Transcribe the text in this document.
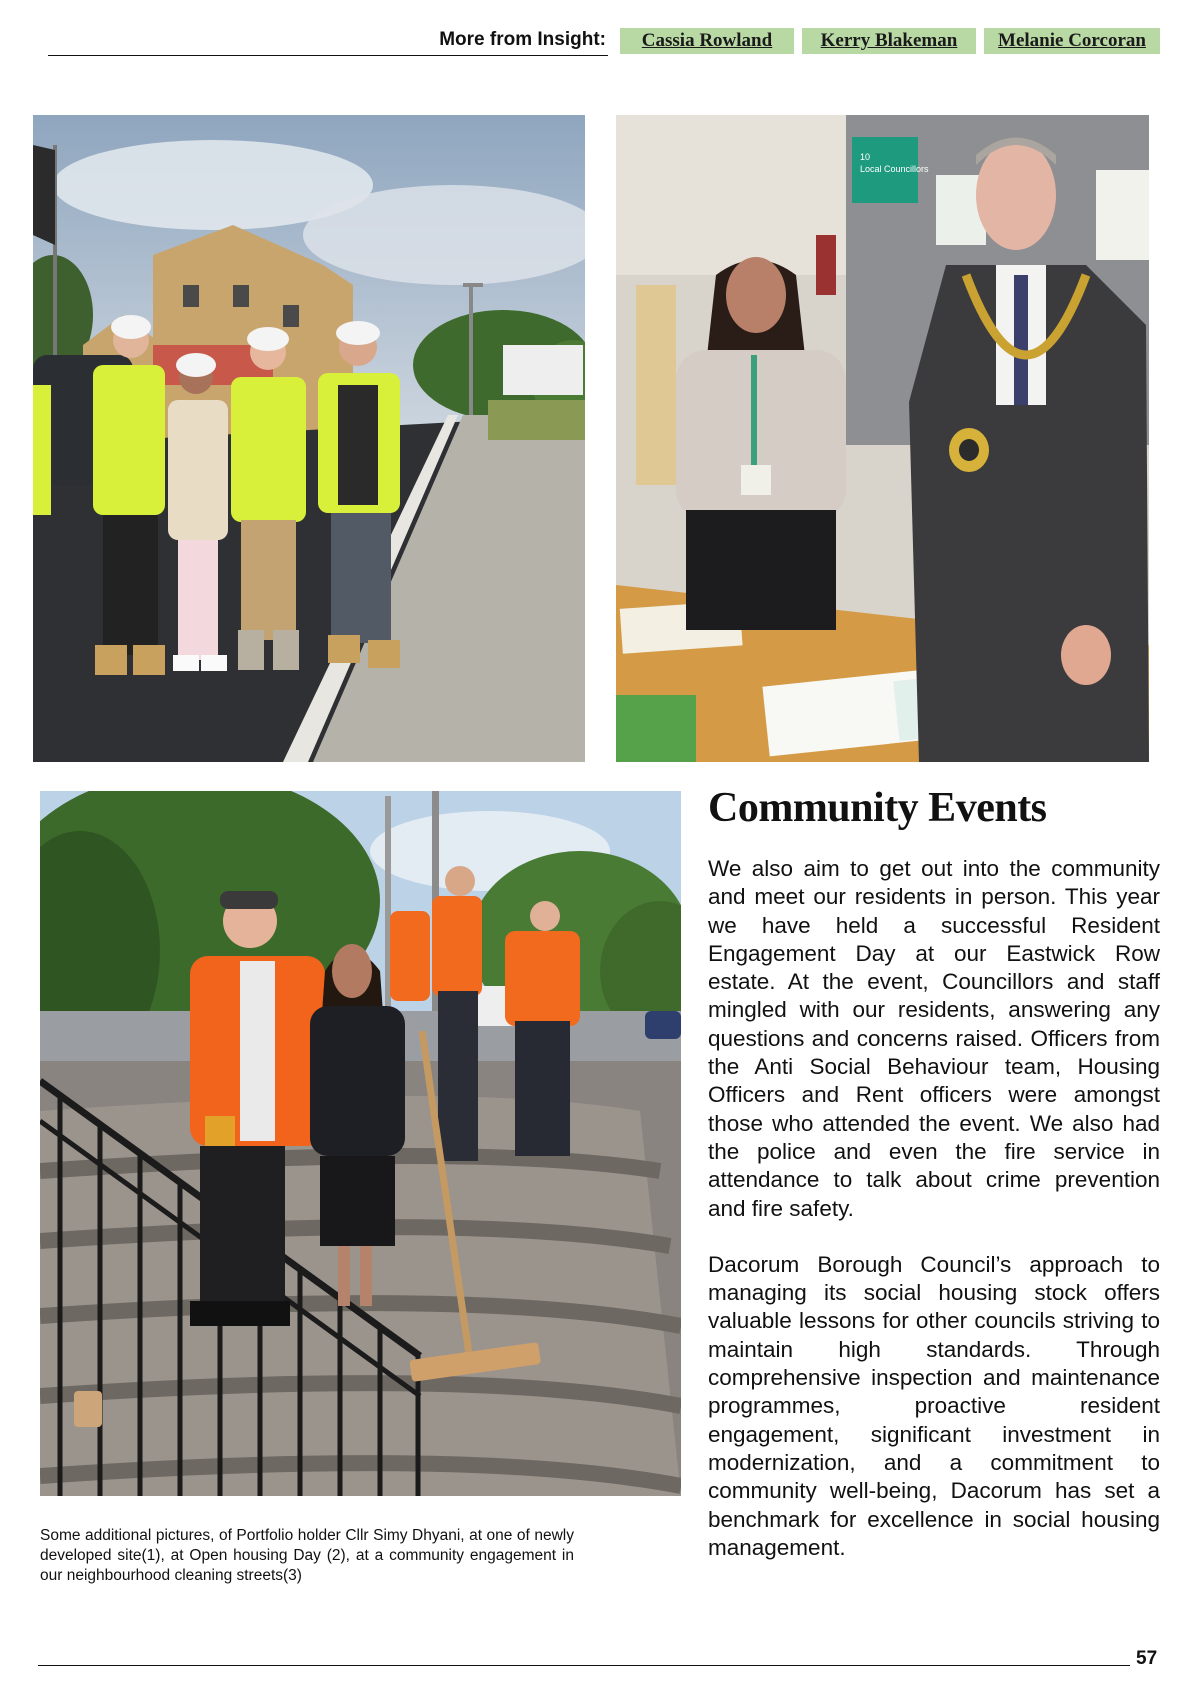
More from Insight:	Cassia Rowland	Kerry Blakeman	Melanie Corcoran
10 Local Councillors
Some additional pictures, of Portfolio holder Cllr Simy Dhyani, at one of newly developed site(1), at Open housing Day (2), at a community engagement in our neighbourhood cleaning streets(3)
Community Events

We also aim to get out into the community and meet our residents in person. This year we have held a successful Resident Engagement Day at our Eastwick Row estate. At the event, Councillors and staff mingled with our residents, answering any questions and concerns raised. Officers from the Anti Social Behaviour team, Housing Officers and Rent officers were amongst those who attended the event. We also had the police and even the fire service in attendance to talk about crime prevention and fire safety.

Dacorum Borough Council’s approach to managing its social housing stock offers valuable lessons for other councils striving to maintain high standards. Through comprehensive inspection and maintenance programmes, proactive resident engagement, significant investment in modernization, and a commitment to community well-being, Dacorum has set a benchmark for excellence in social housing management.

57
